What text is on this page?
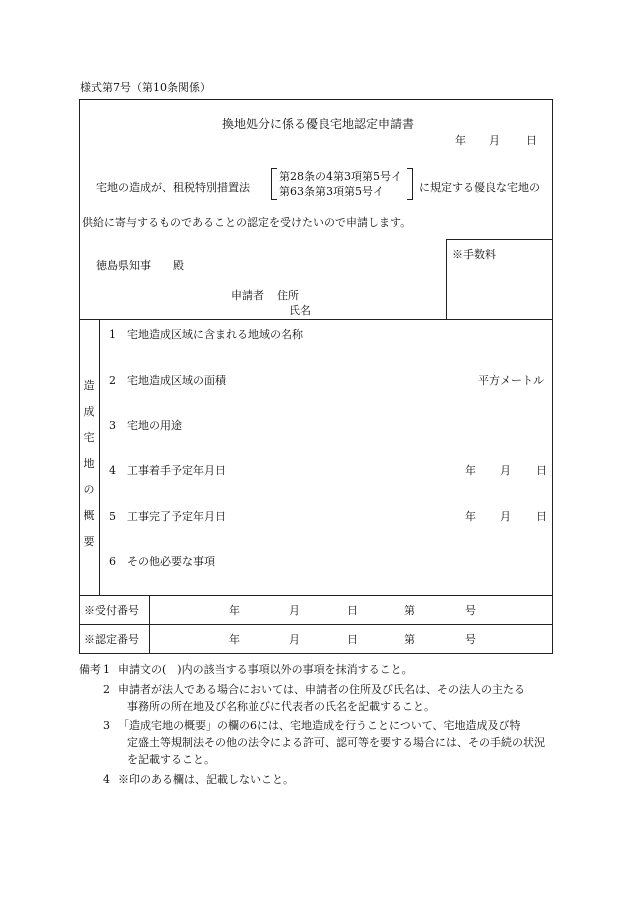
様式第7号（第10条関係）
換地処分に係る優良宅地認定申請書
年 月 日
宅地の造成が、租税特別措置法
第28条の4第3項第5号イ
第63条第3項第5号イ	に規定する優良な宅地の
供給に寄与するものであることの認定を受けたいので申請します。
※手数料
徳島県知事　　殿
申請者 住所
氏名
造
成
宅
地
の
概
要
1 宅地造成区域に含まれる地域の名称
2 宅地造成区域の面積	平方メートル
3 宅地の用途
4 工事着手予定年月日	年 月 日
5 工事完了予定年月日	年 月 日
6 その他必要な事項
※受付番号	年	月	日	第	号
※認定番号	年	月	日	第	号
備考 1 申請文の(　)内の該当する事項以外の事項を抹消すること。
2 申請者が法人である場合においては、申請者の住所及び氏名は、その法人の主たる
事務所の所在地及び名称並びに代表者の氏名を記載すること。
3 「造成宅地の概要」の欄の6には、宅地造成を行うことについて、宅地造成及び特
定盛土等規制法その他の法令による許可、認可等を要する場合には、その手続の状況
を記載すること。
4 ※印のある欄は、記載しないこと。
